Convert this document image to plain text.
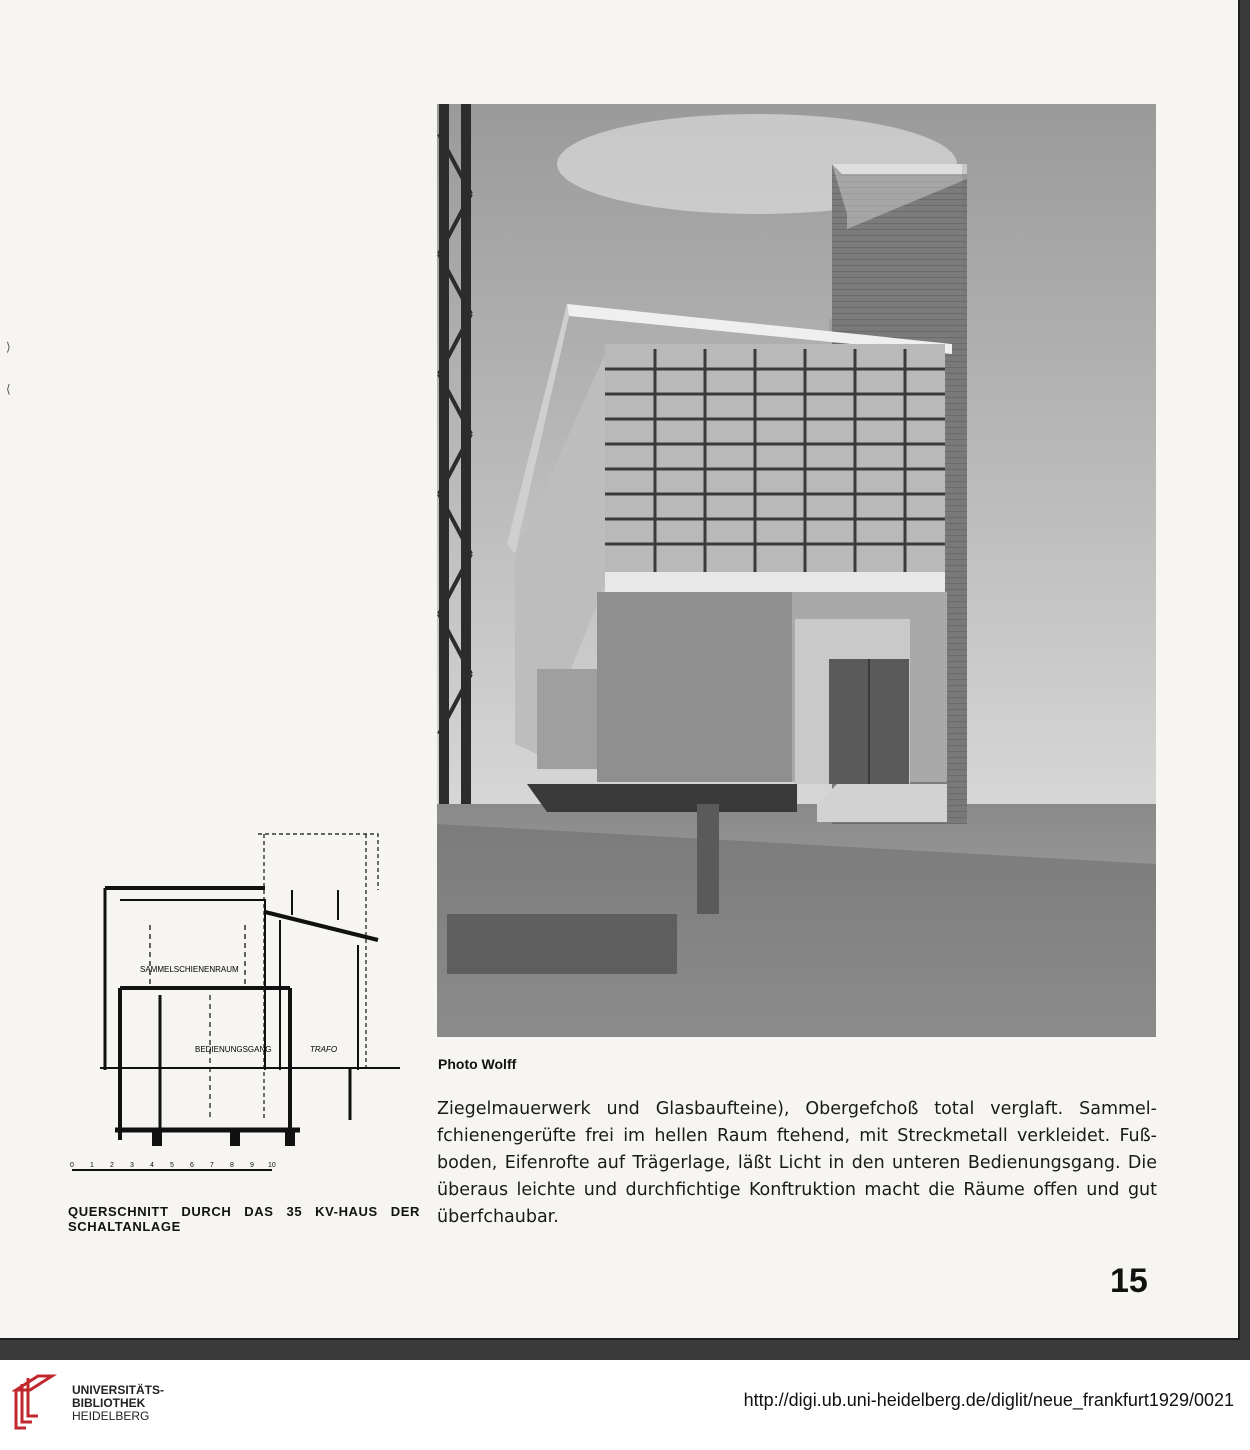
⟩

⟨
Photo Wolff
SAMMELSCHIENENRAUM
BEDIENUNGSGANG	TRAFO
0 1 2 3 4 5 6 7 8 9 10
QUERSCHNITT DURCH DAS 35 KV-HAUS DER SCHALTANLAGE
Ziegelmauerwerk und Glasbaufteine), Obergefchoß total verglaft. Sammelfchienengerüfte frei im hellen Raum ftehend, mit Streckmetall verkleidet. Fußboden, Eifenrofte auf Trägerlage, läßt Licht in den unteren Bedienungsgang. Die überaus leichte und durchfichtige Konftruktion macht die Räume offen und gut überfchaubar.
15
UNIVERSITÄTS-
BIBLIOTHEK
HEIDELBERG
http://digi.ub.uni-heidelberg.de/diglit/neue_frankfurt1929/0021
